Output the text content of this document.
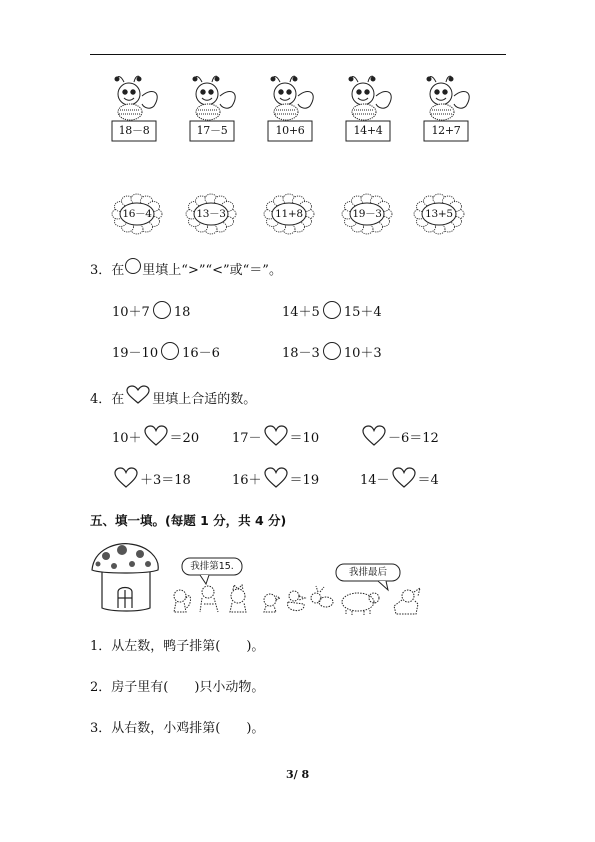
18－8	17－5	10+6	14+4	12+7
16－4	13－3	11+8	19－3	13+5
3． 在 里填上“>”“<”或“＝”。
10＋7 18	14＋5 15＋4
19－10 16－6	18－3 10＋3
4． 在 里填上合适的数。
10＋ ＝20	17－ ＝10	－6＝12
＋3＝18	16＋ ＝19	14－ ＝4
五、填一填。(每题 1 分，共 4 分)
我排第15.
我排最后
1．从左数，鸭子排第(　　)。
2．房子里有(　　)只小动物。
3．从右数，小鸡排第(　　)。
3/ 8
